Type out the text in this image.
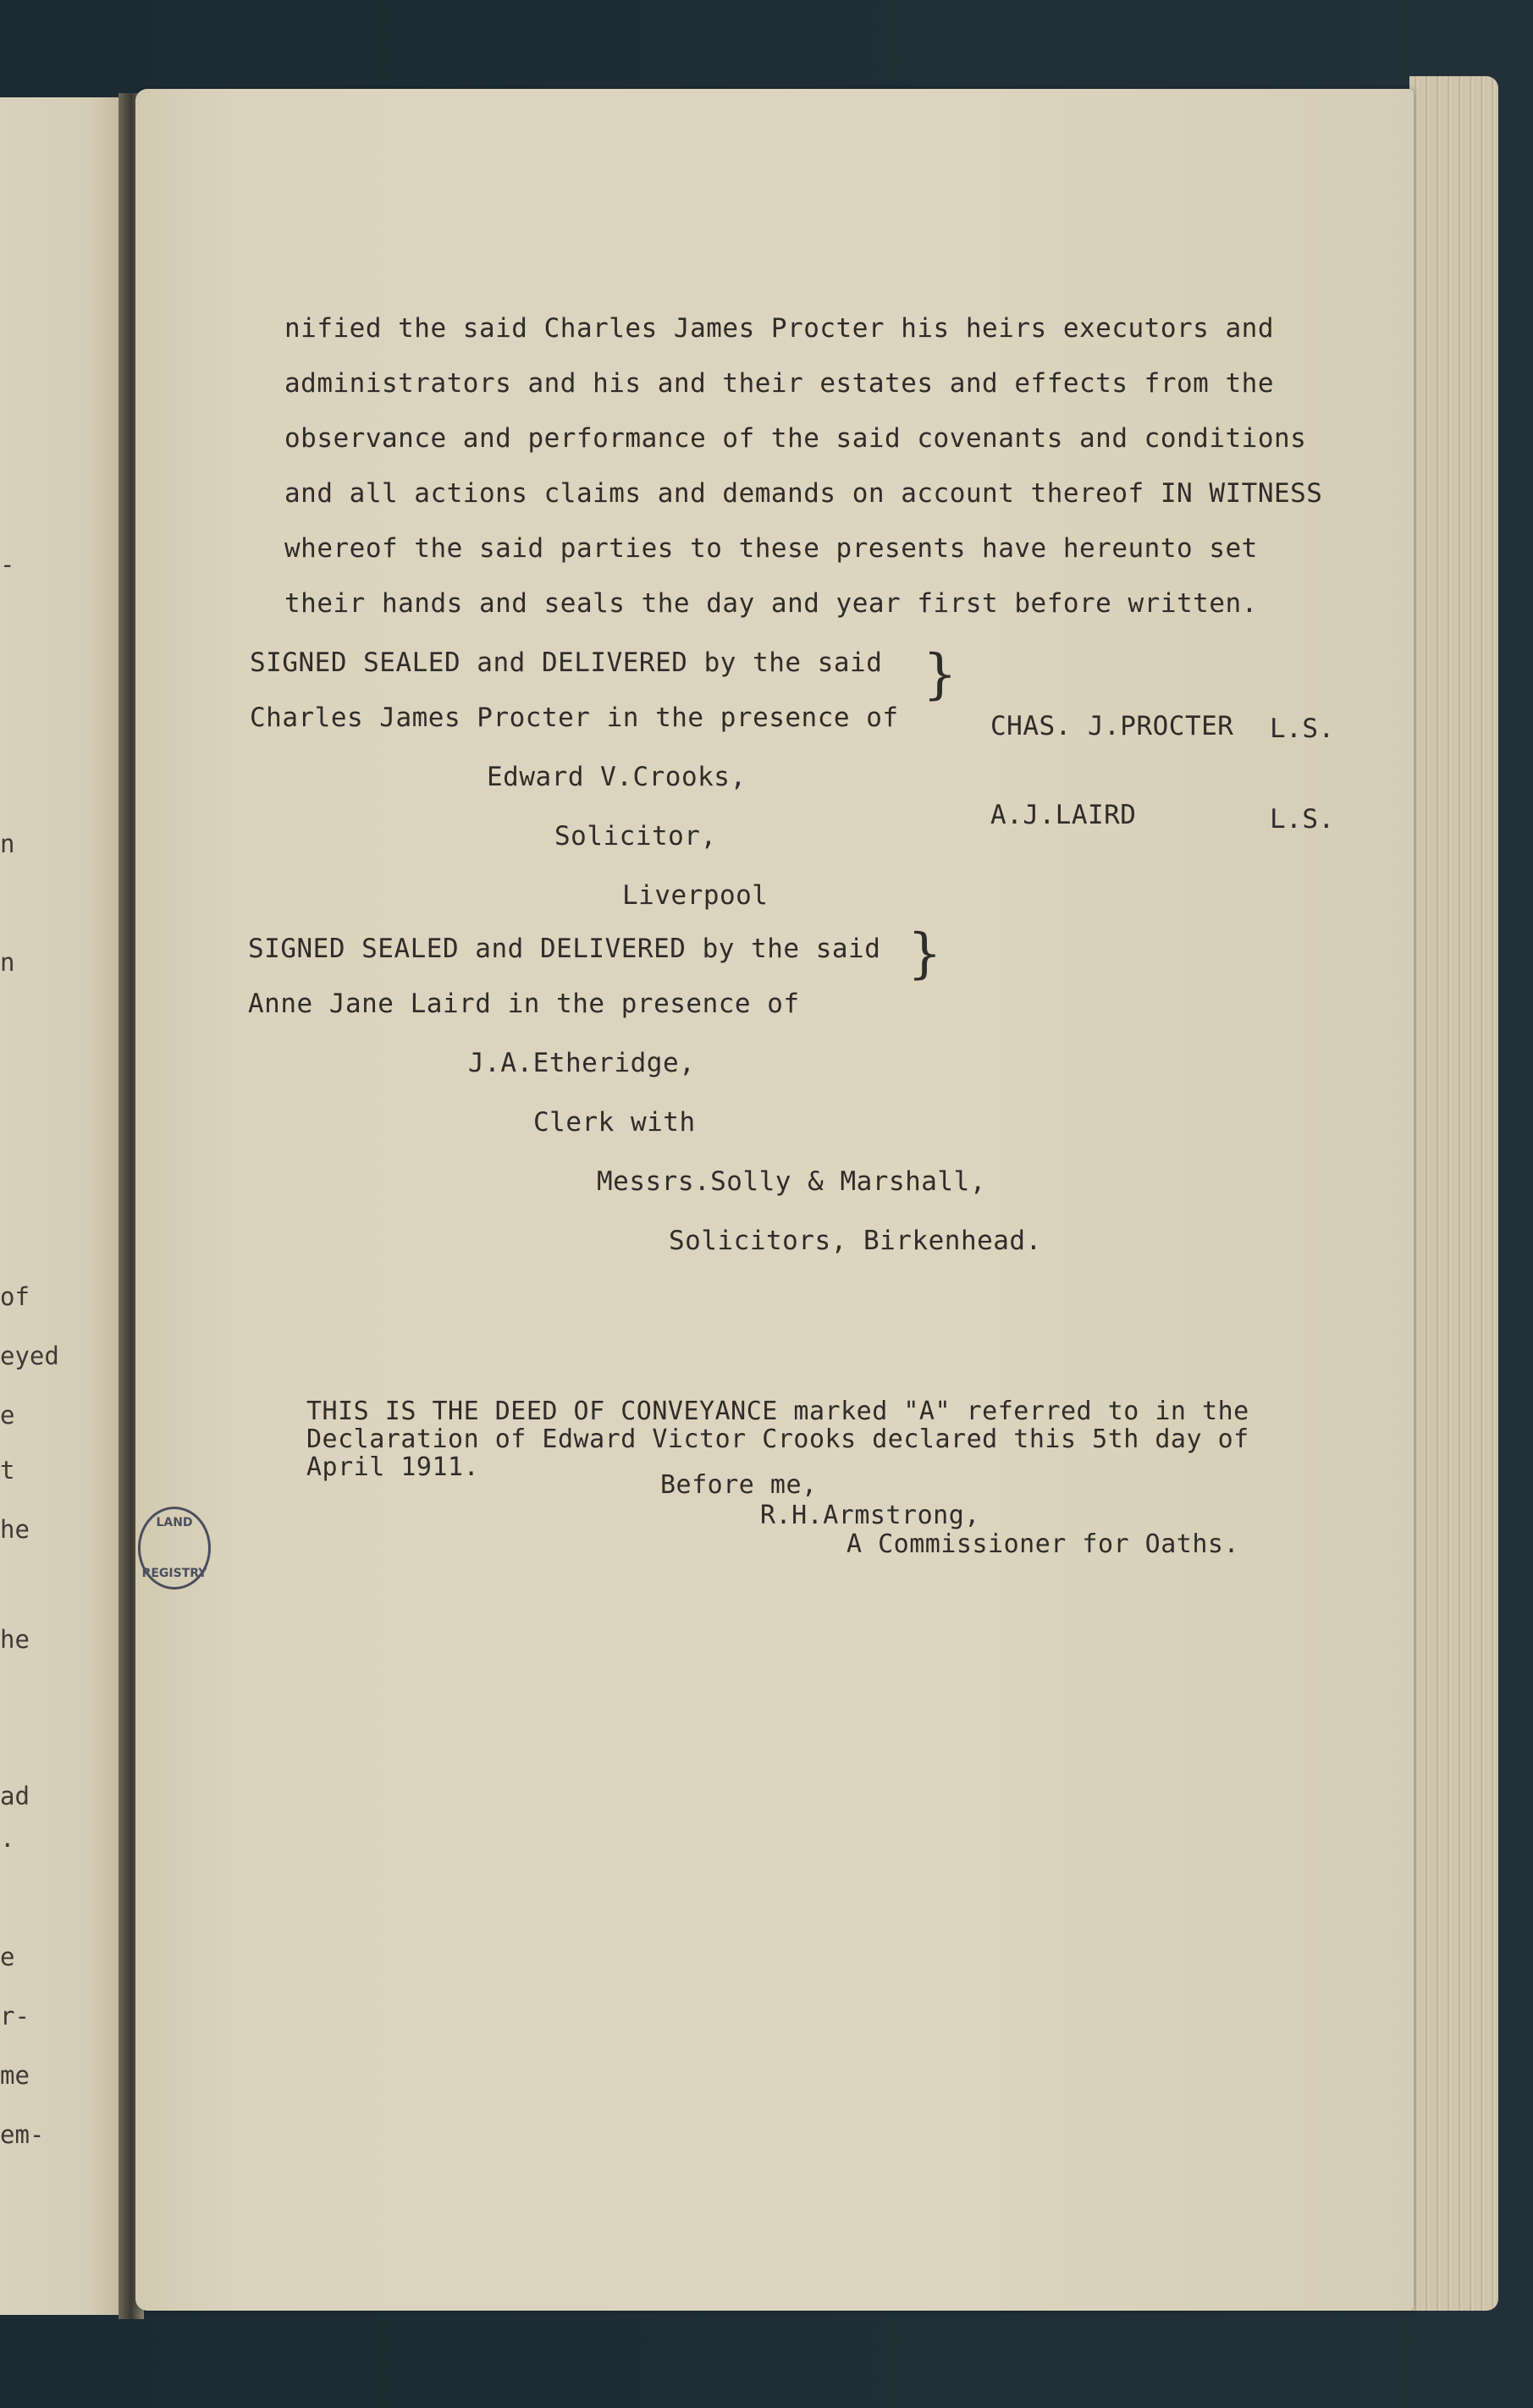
-
n
n
of
eyed
e
t
he
he
ad
.
e
r-
me
em-
nified the said Charles James Procter his heirs executors and
administrators and his and their estates and effects from the
observance and performance of the said covenants and conditions
and all actions claims and demands on account thereof IN WITNESS
whereof the said parties to these presents have hereunto set
their hands and seals the day and year first before written.
SIGNED SEALED and DELIVERED by the said
Charles James Procter in the presence of
}
Edward V.Crooks,
Solicitor,
Liverpool
CHAS. J.PROCTER L.S.
A.J.LAIRD	L.S.
SIGNED SEALED and DELIVERED by the said
Anne Jane Laird in the presence of
}
J.A.Etheridge,
Clerk with
Messrs.Solly & Marshall,
Solicitors, Birkenhead.
THIS IS THE DEED OF CONVEYANCE marked "A" referred to in the
Declaration of Edward Victor Crooks declared this 5th day of
April 1911.
Before me,
R.H.Armstrong,
A Commissioner for Oaths.
LAND
REGISTRY
